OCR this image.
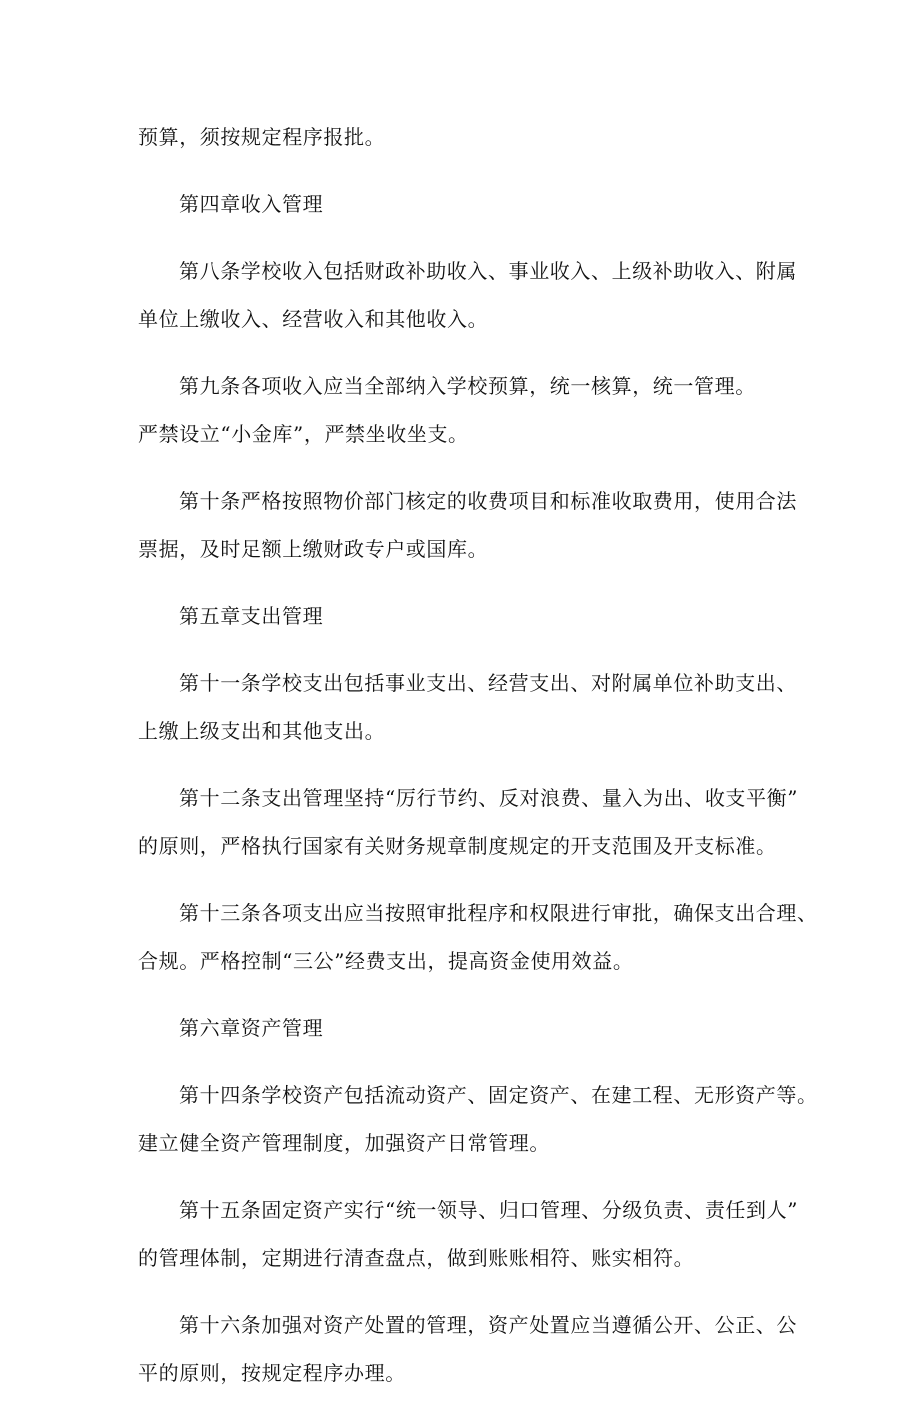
预算，须按规定程序报批。

第四章收入管理

第八条学校收入包括财政补助收入、事业收入、上级补助收入、附属
单位上缴收入、经营收入和其他收入。

第九条各项收入应当全部纳入学校预算，统一核算，统一管理。
严禁设立“小金库”，严禁坐收坐支。

第十条严格按照物价部门核定的收费项目和标准收取费用，使用合法
票据，及时足额上缴财政专户或国库。

第五章支出管理

第十一条学校支出包括事业支出、经营支出、对附属单位补助支出、
上缴上级支出和其他支出。

第十二条支出管理坚持“厉行节约、反对浪费、量入为出、收支平衡”
的原则，严格执行国家有关财务规章制度规定的开支范围及开支标准。

第十三条各项支出应当按照审批程序和权限进行审批，确保支出合理、
合规。严格控制“三公”经费支出，提高资金使用效益。

第六章资产管理

第十四条学校资产包括流动资产、固定资产、在建工程、无形资产等。
建立健全资产管理制度，加强资产日常管理。

第十五条固定资产实行“统一领导、归口管理、分级负责、责任到人”
的管理体制，定期进行清查盘点，做到账账相符、账实相符。

第十六条加强对资产处置的管理，资产处置应当遵循公开、公正、公
平的原则，按规定程序办理。
